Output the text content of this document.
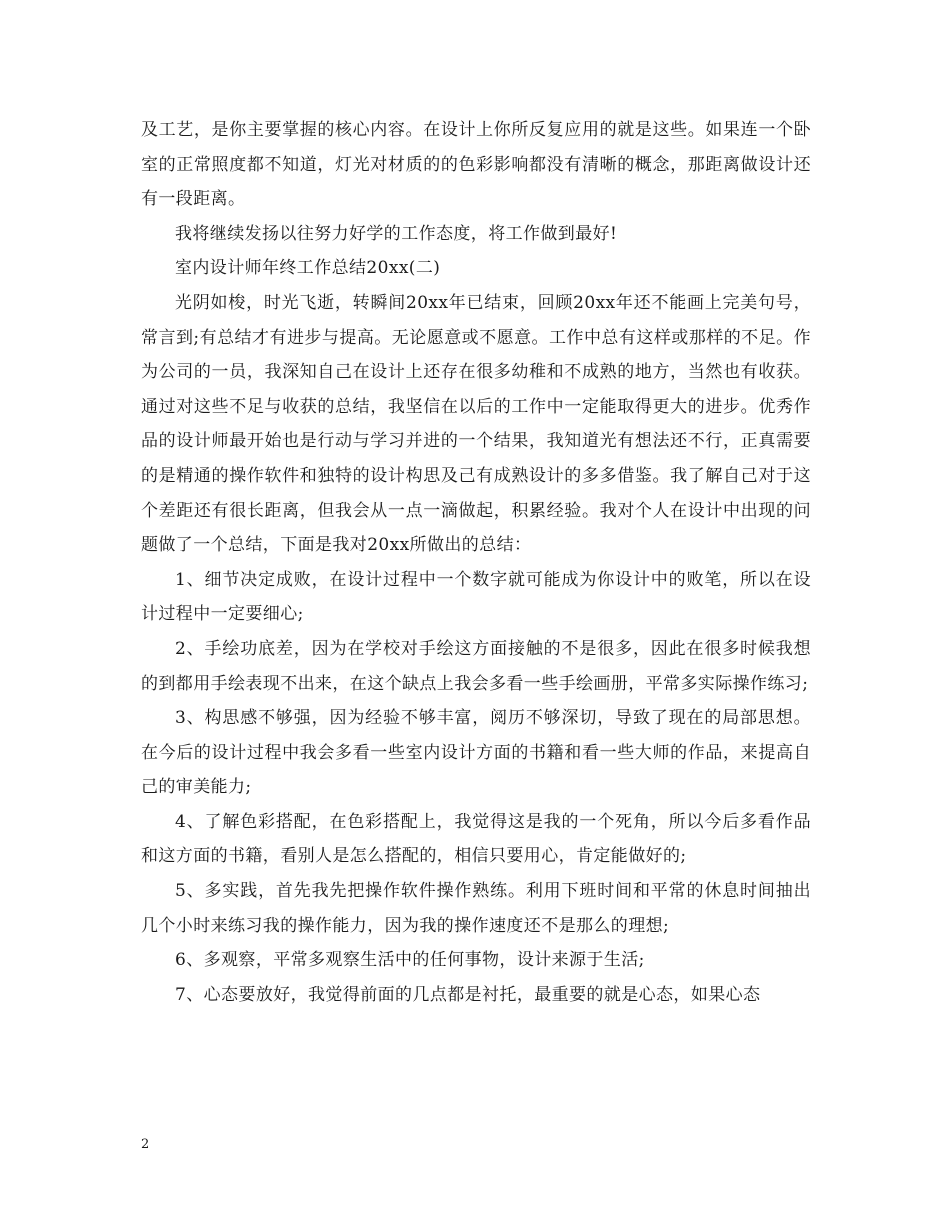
及工艺，是你主要掌握的核心内容。在设计上你所反复应用的就是这些。如果连一个卧室的正常照度都不知道，灯光对材质的的色彩影响都没有清晰的概念，那距离做设计还有一段距离。

我将继续发扬以往努力好学的工作态度，将工作做到最好!

室内设计师年终工作总结20xx(二)

光阴如梭，时光飞逝，转瞬间20xx年已结束，回顾20xx年还不能画上完美句号，常言到;有总结才有进步与提高。无论愿意或不愿意。工作中总有这样或那样的不足。作为公司的一员，我深知自己在设计上还存在很多幼稚和不成熟的地方，当然也有收获。通过对这些不足与收获的总结，我坚信在以后的工作中一定能取得更大的进步。优秀作品的设计师最开始也是行动与学习并进的一个结果，我知道光有想法还不行，正真需要的是精通的操作软件和独特的设计构思及己有成熟设计的多多借鉴。我了解自己对于这个差距还有很长距离，但我会从一点一滴做起，积累经验。我对个人在设计中出现的问题做了一个总结，下面是我对20xx所做出的总结：

1、细节决定成败，在设计过程中一个数字就可能成为你设计中的败笔，所以在设计过程中一定要细心;

2、手绘功底差，因为在学校对手绘这方面接触的不是很多，因此在很多时候我想的到都用手绘表现不出来，在这个缺点上我会多看一些手绘画册，平常多实际操作练习;

3、构思感不够强，因为经验不够丰富，阅历不够深切，导致了现在的局部思想。在今后的设计过程中我会多看一些室内设计方面的书籍和看一些大师的作品，来提高自己的审美能力;

4、了解色彩搭配，在色彩搭配上，我觉得这是我的一个死角，所以今后多看作品和这方面的书籍，看别人是怎么搭配的，相信只要用心，肯定能做好的;

5、多实践，首先我先把操作软件操作熟练。利用下班时间和平常的休息时间抽出几个小时来练习我的操作能力，因为我的操作速度还不是那么的理想;

6、多观察，平常多观察生活中的任何事物，设计来源于生活;

7、心态要放好，我觉得前面的几点都是衬托，最重要的就是心态，如果心态

2
